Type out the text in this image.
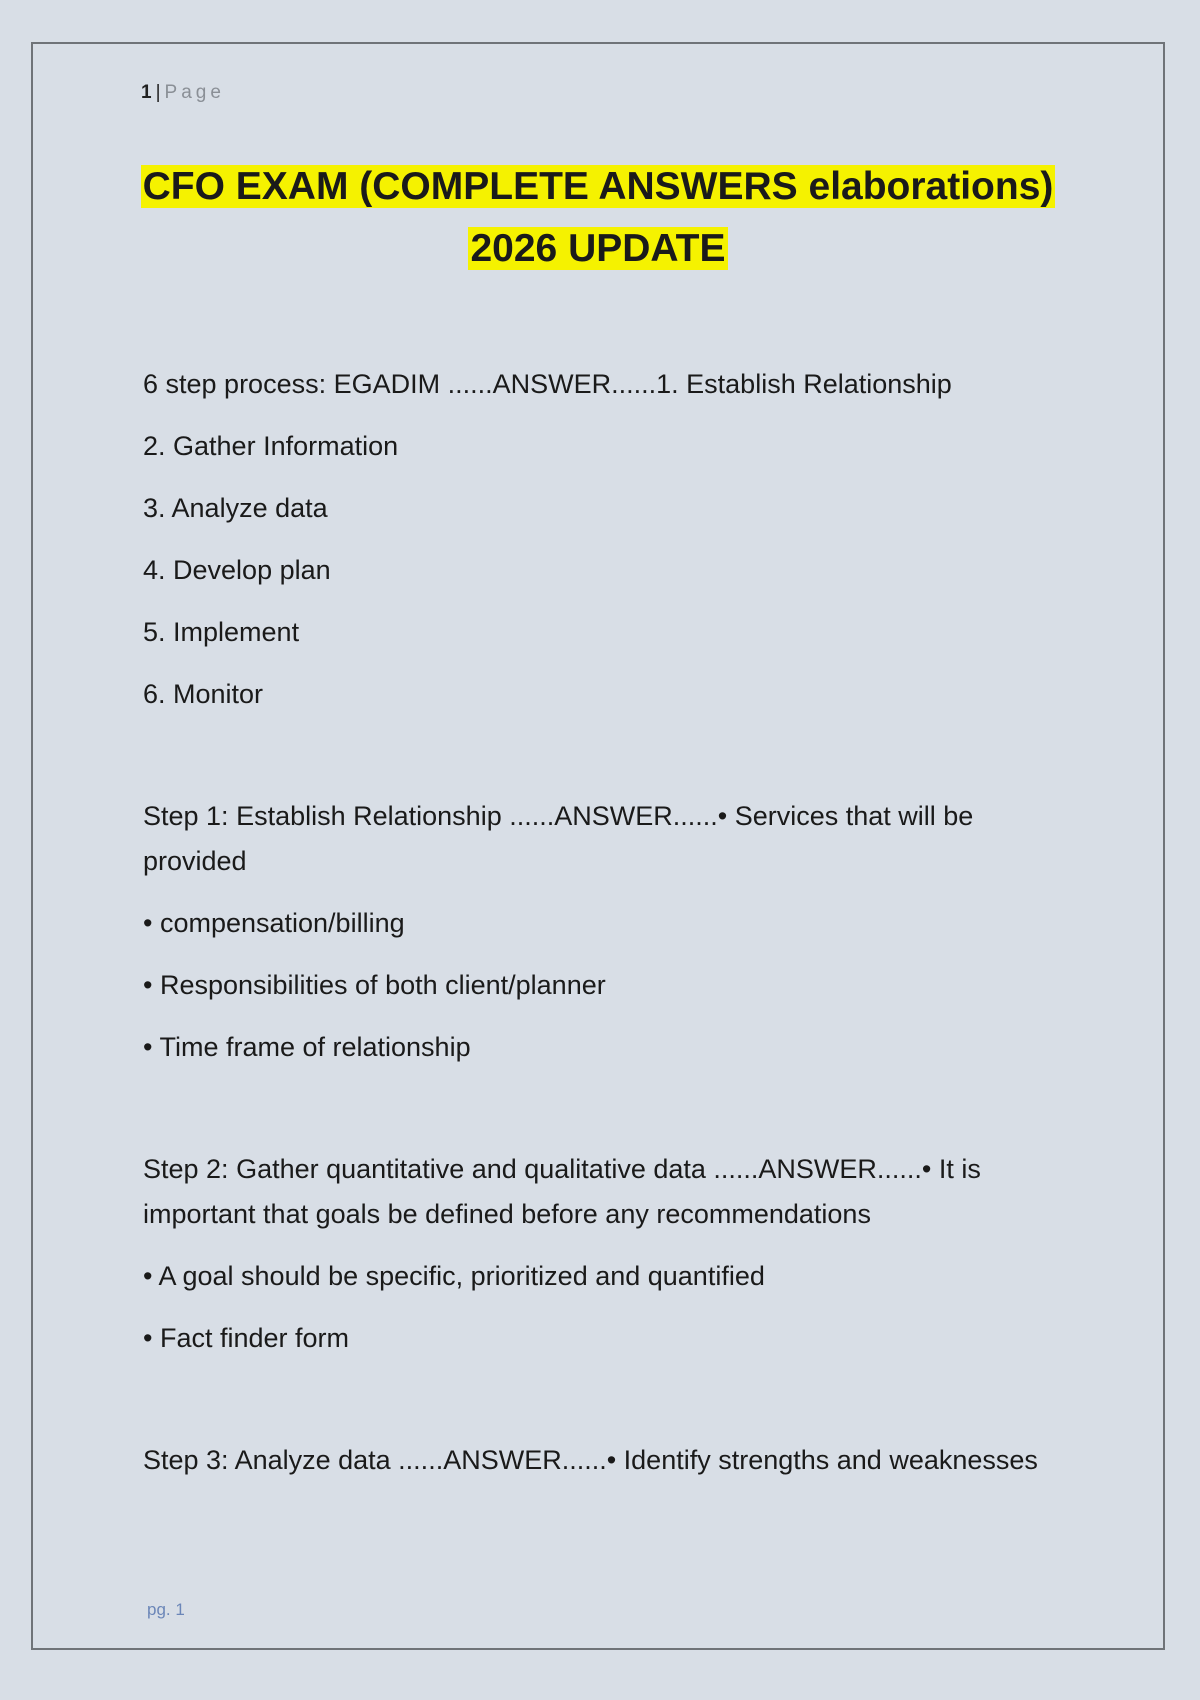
1 | Page
CFO EXAM (COMPLETE ANSWERS elaborations)
2026 UPDATE
6 step process: EGADIM ......ANSWER......1. Establish Relationship
2. Gather Information
3. Analyze data
4. Develop plan
5. Implement
6. Monitor
Step 1: Establish Relationship ......ANSWER......• Services that will be provided
• compensation/billing
• Responsibilities of both client/planner
• Time frame of relationship
Step 2: Gather quantitative and qualitative data ......ANSWER......• It is important that goals be defined before any recommendations
• A goal should be specific, prioritized and quantified
• Fact finder form
Step 3: Analyze data ......ANSWER......• Identify strengths and weaknesses
pg. 1
